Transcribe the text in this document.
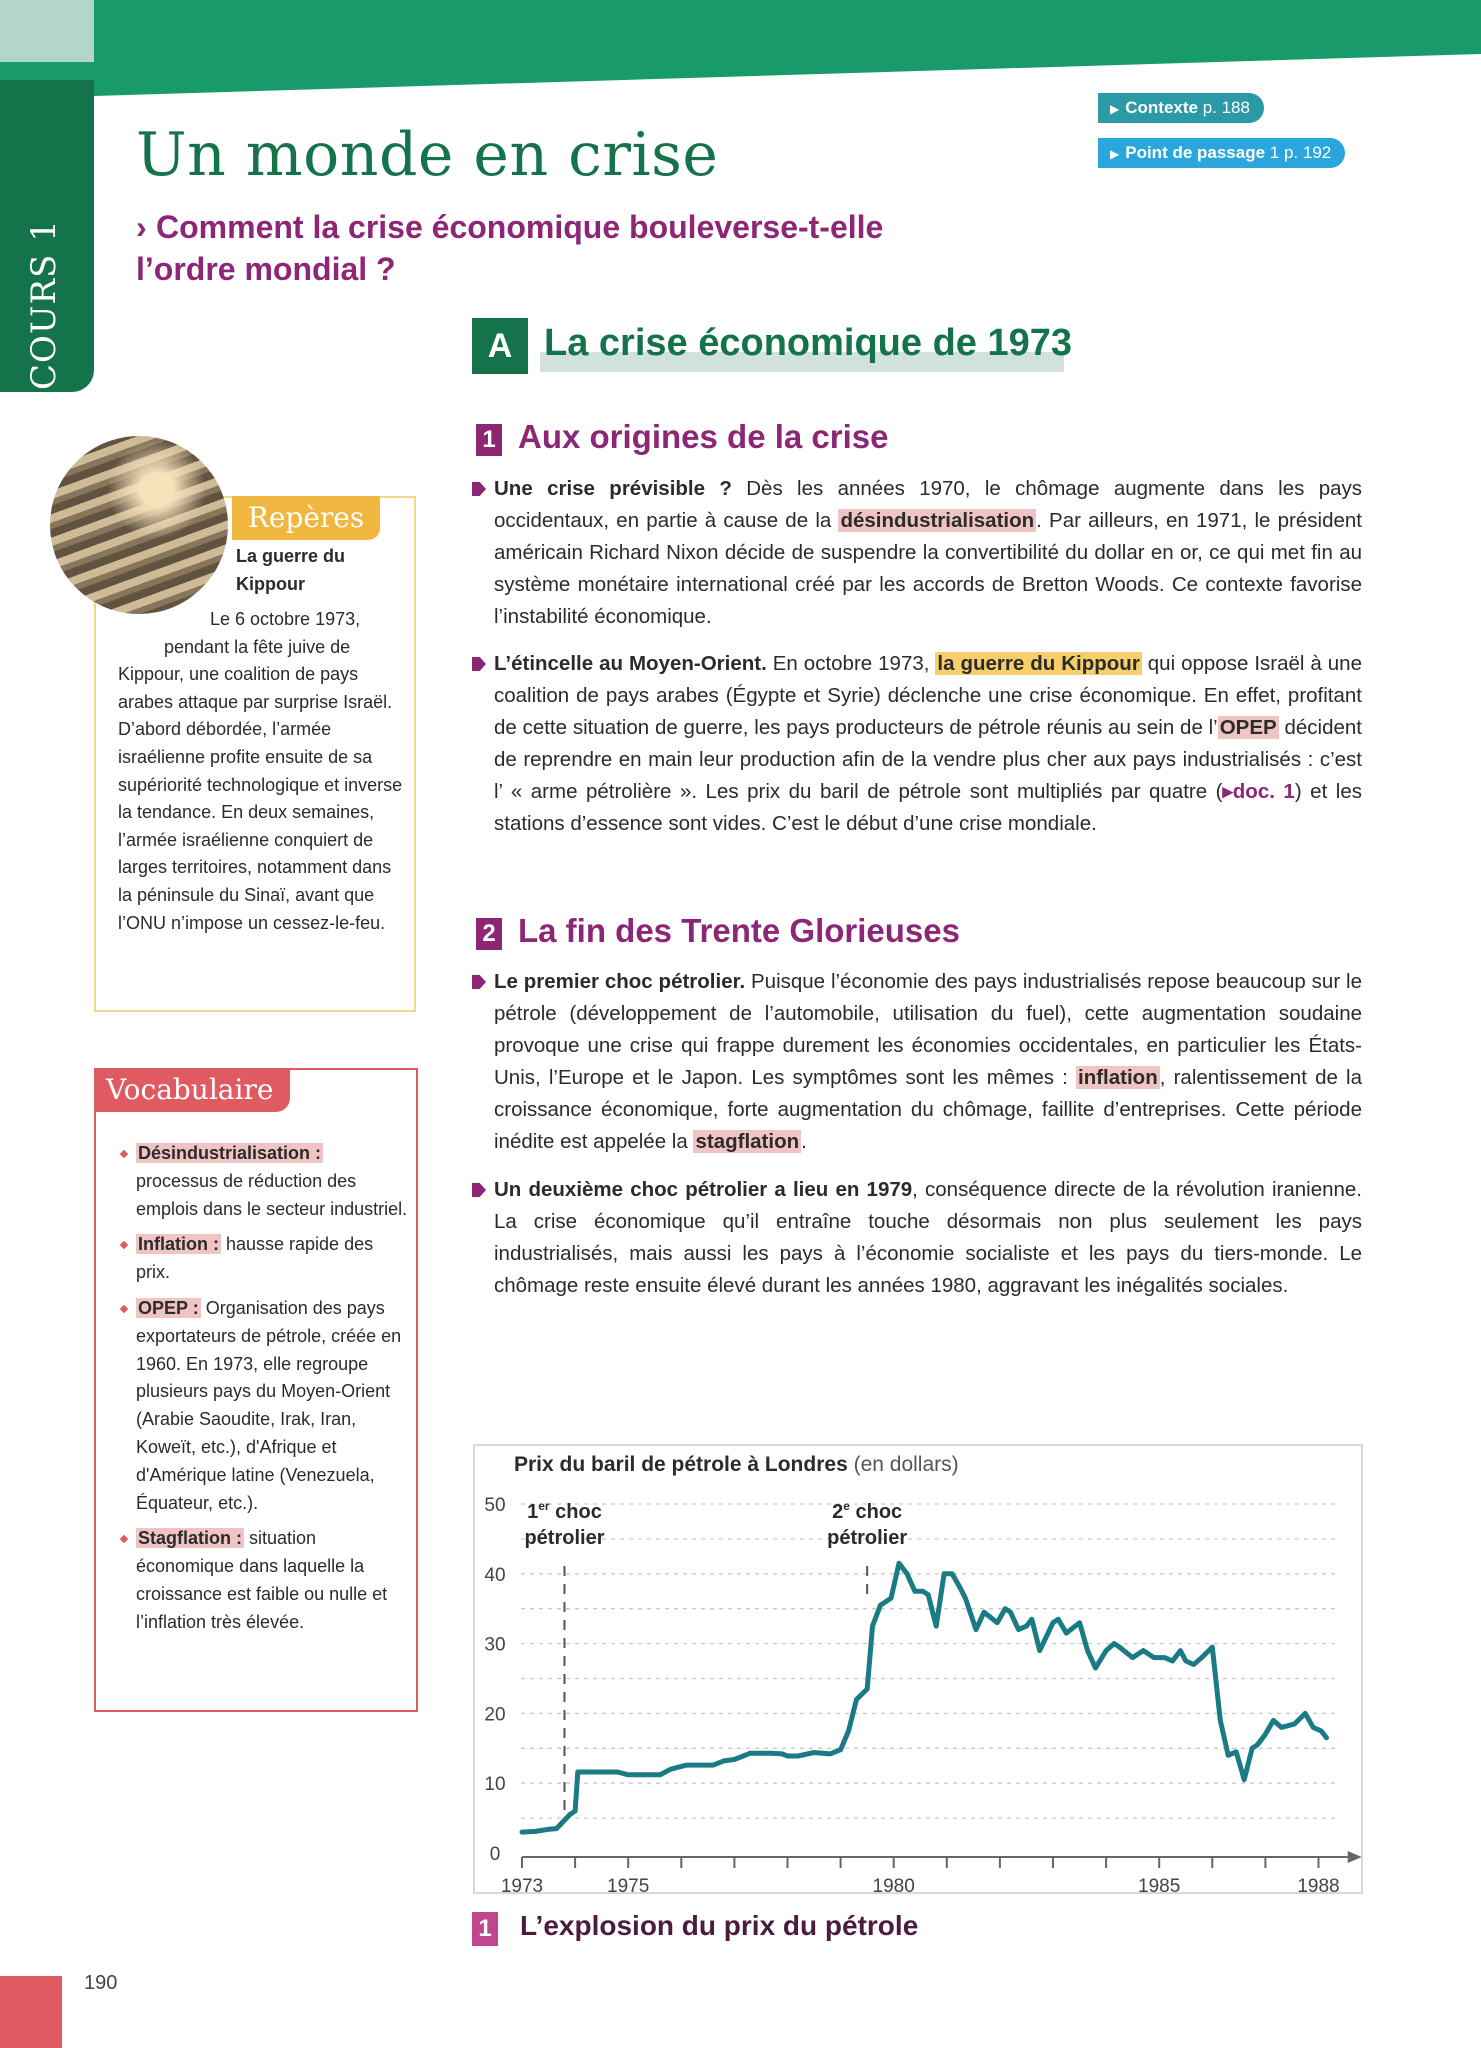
COURS 1
Un monde en crise
› Comment la crise économique bouleverse-t-elle l’ordre mondial ?
▶ Contexte p. 188
▶ Point de passage 1 p. 192
A La crise économique de 1973
1 Aux origines de la crise
Une crise prévisible ? Dès les années 1970, le chômage augmente dans les pays occidentaux, en partie à cause de la désindustrialisation. Par ailleurs, en 1971, le président américain Richard Nixon décide de suspendre la convertibilité du dollar en or, ce qui met fin au système monétaire international créé par les accords de Bretton Woods. Ce contexte favorise l’instabilité économique.
L’étincelle au Moyen-Orient. En octobre 1973, la guerre du Kippour qui oppose Israël à une coalition de pays arabes (Égypte et Syrie) déclenche une crise économique. En effet, profitant de cette situation de guerre, les pays producteurs de pétrole réunis au sein de l’OPEP décident de reprendre en main leur production afin de la vendre plus cher aux pays industrialisés : c’est l’ « arme pétrolière ». Les prix du baril de pétrole sont multipliés par quatre (▸doc. 1) et les stations d’essence sont vides. C’est le début d’une crise mondiale.
2 La fin des Trente Glorieuses
Le premier choc pétrolier. Puisque l’économie des pays industrialisés repose beaucoup sur le pétrole (développement de l’automobile, utilisation du fuel), cette augmentation soudaine provoque une crise qui frappe durement les économies occidentales, en particulier les États-Unis, l’Europe et le Japon. Les symptômes sont les mêmes : inflation, ralentissement de la croissance économique, forte augmentation du chômage, faillite d’entreprises. Cette période inédite est appelée la stagflation.
Un deuxième choc pétrolier a lieu en 1979, conséquence directe de la révolution iranienne. La crise économique qu’il entraîne touche désormais non plus seulement les pays industrialisés, mais aussi les pays à l’économie socialiste et les pays du tiers-monde. Le chômage reste ensuite élevé durant les années 1980, aggravant les inégalités sociales.
Repères
La guerre du Kippour
Le 6 octobre 1973,
pendant la fête juive de
Kippour, une coalition de pays arabes attaque par surprise Israël. D’abord débordée, l’armée israélienne profite ensuite de sa supériorité technologique et inverse la tendance. En deux semaines, l’armée israélienne conquiert de larges territoires, notamment dans la péninsule du Sinaï, avant que l’ONU n’impose un cessez-le-feu.
Vocabulaire
Désindustrialisation : processus de réduction des emplois dans le secteur industriel.
Inflation : hausse rapide des prix.
OPEP : Organisation des pays exportateurs de pétrole, créée en 1960. En 1973, elle regroupe plusieurs pays du Moyen-Orient (Arabie Saoudite, Irak, Iran, Koweït, etc.), d'Afrique et d'Amérique latine (Venezuela, Équateur, etc.).
Stagflation : situation économique dans laquelle la croissance est faible ou nulle et l’inflation très élevée.
Prix du baril de pétrole à Londres (en dollars)
0
10
20
30
40
50
1973	1975	1980	1985	1988
1er choc
pétrolier
2e choc
pétrolier
1 L’explosion du prix du pétrole
190
